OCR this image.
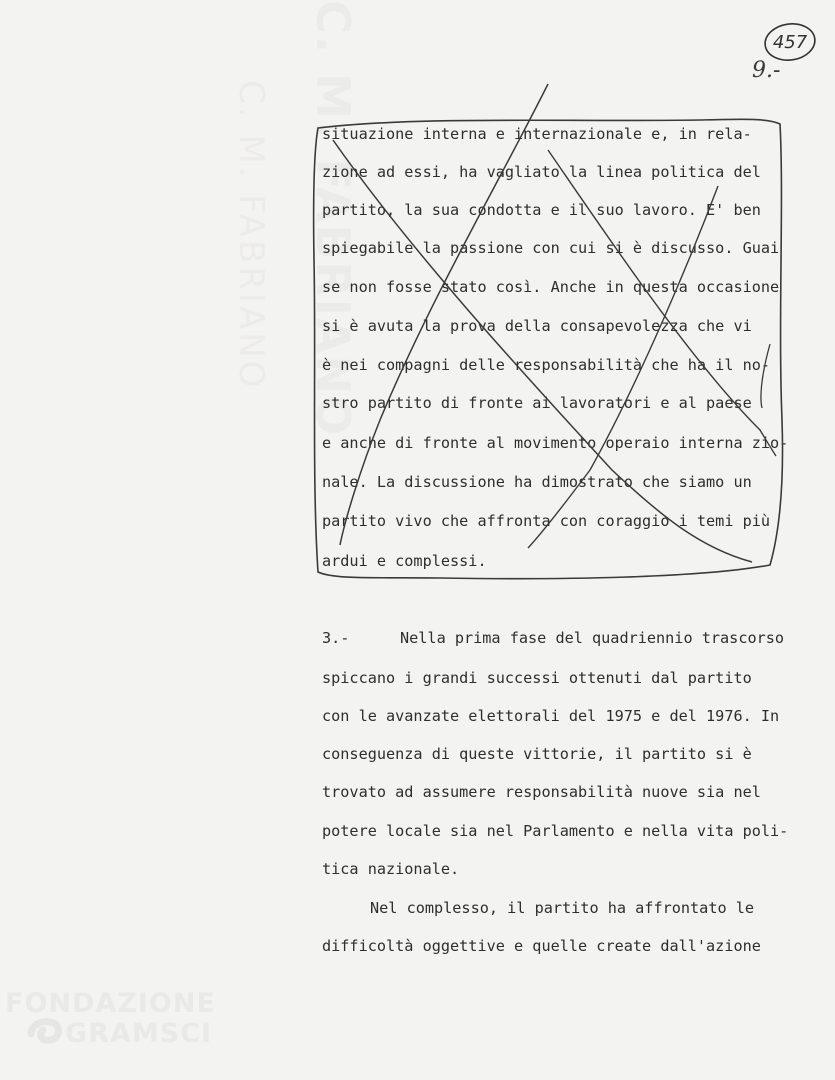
C. M. FABRIANO C. M. FABRIANO
FONDAZIONE
GRAMSCI
457
9.-
situazione interna e internazionale e, in rela-
zione ad essi, ha vagliato la linea politica del
partito, la sua condotta e il suo lavoro. E' ben
spiegabile la passione con cui si è discusso. Guai
se non fosse stato così. Anche in questa occasione
si è avuta la prova della consapevolezza che vi
è nei compagni delle responsabilità che ha il no-
stro partito di fronte ai lavoratori e al paese
e anche di fronte al movimento operaio interna zio-
nale. La discussione ha dimostrato che siamo un
partito vivo che affronta con coraggio i temi più
ardui e complessi.
3.-	Nella prima fase del quadriennio trascorso
spiccano i grandi successi ottenuti dal partito
con le avanzate elettorali del 1975 e del 1976. In
conseguenza di queste vittorie, il partito si è
trovato ad assumere responsabilità nuove sia nel
potere locale sia nel Parlamento e nella vita poli-
tica nazionale.
Nel complesso, il partito ha affrontato le
difficoltà oggettive e quelle create dall'azione
